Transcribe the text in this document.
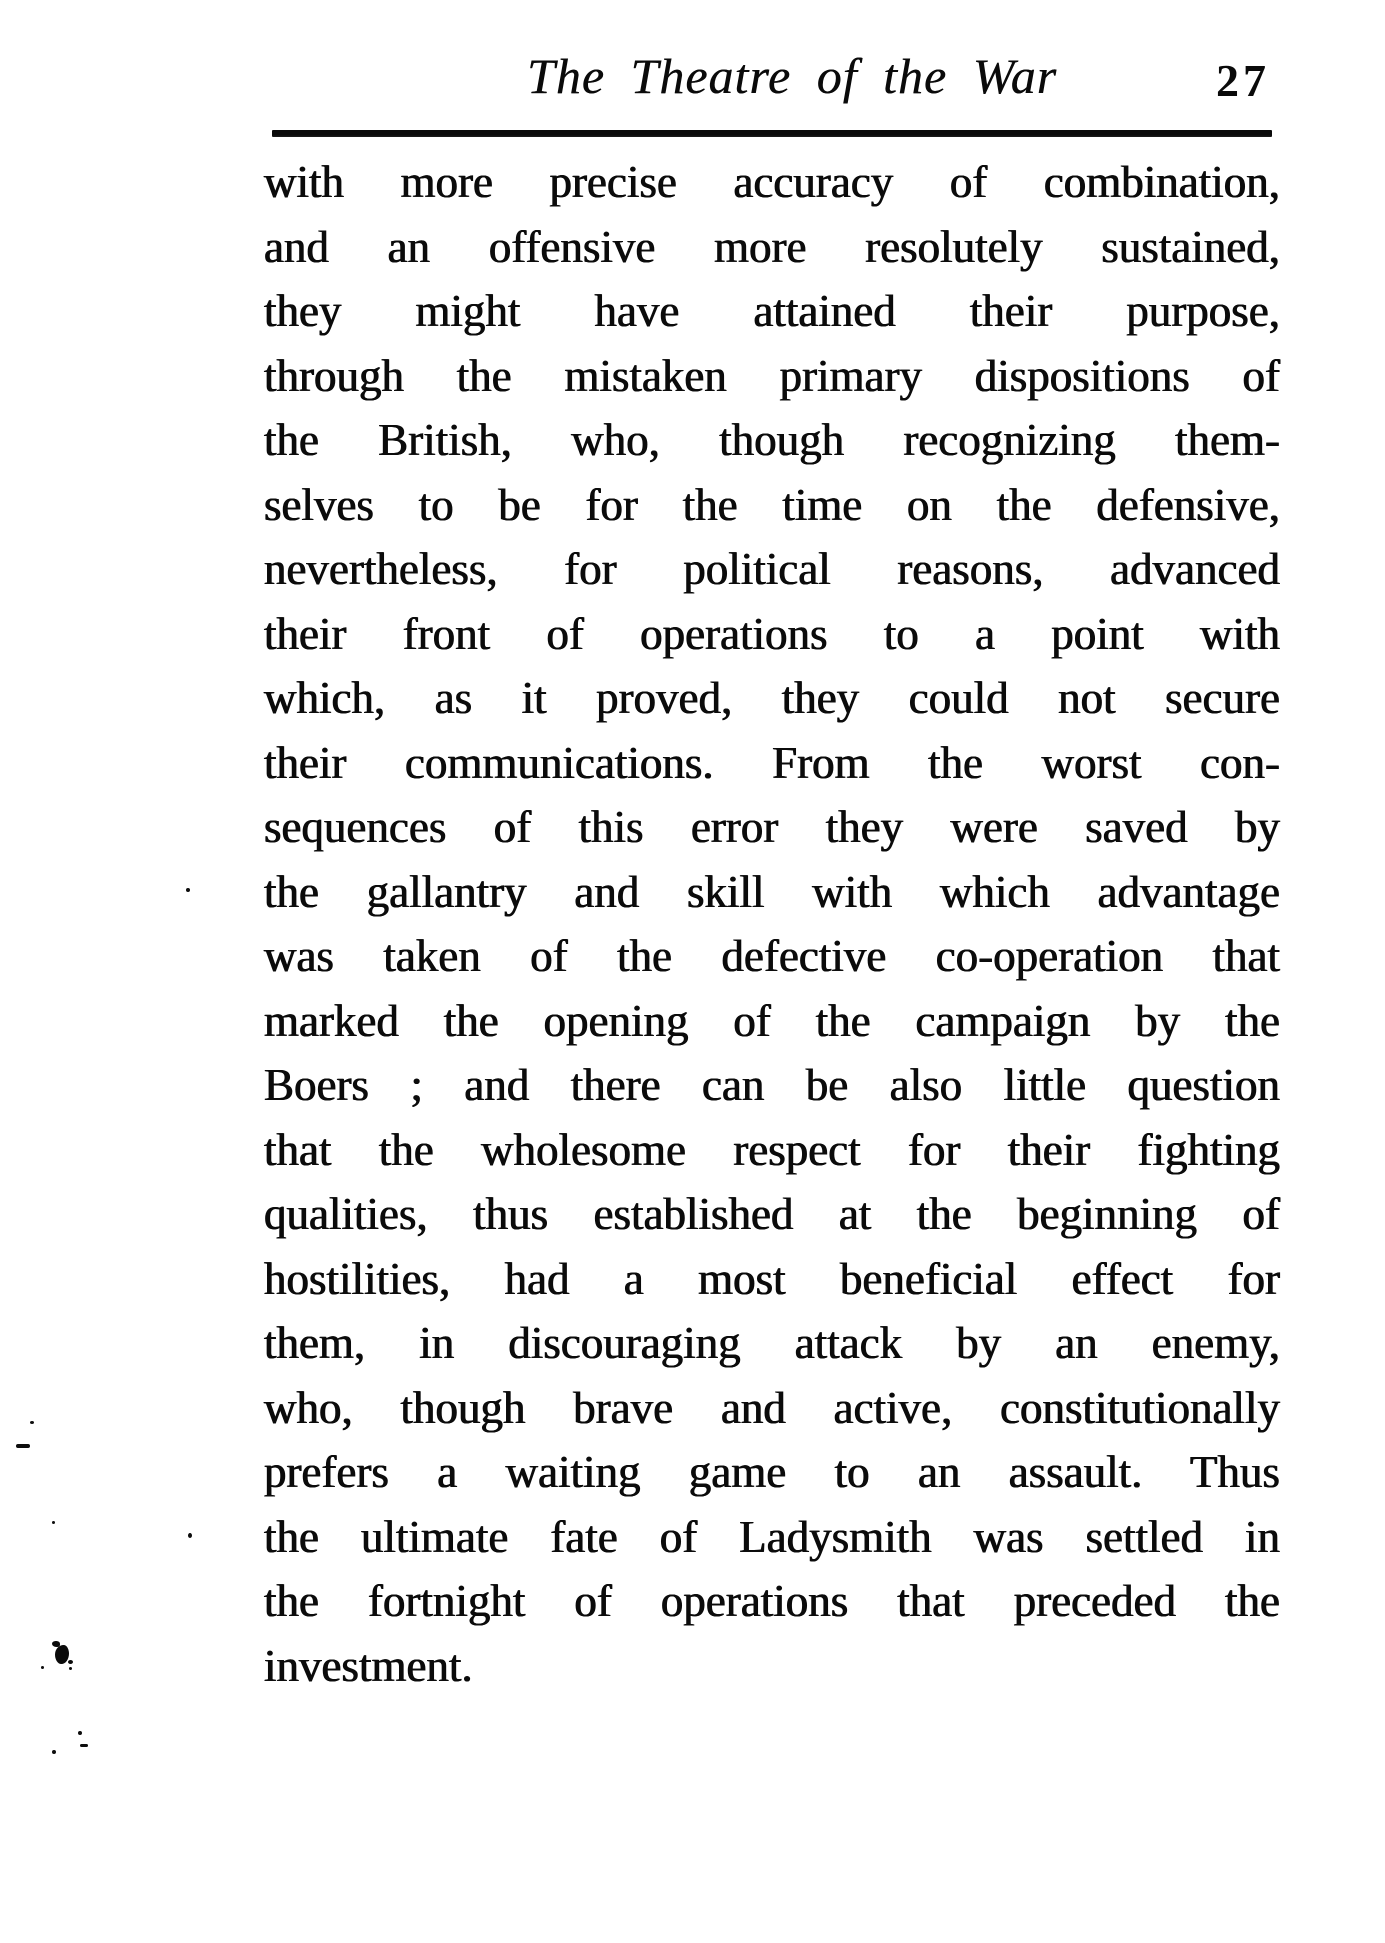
The Theatre of the War	27
with more precise accuracy of combination,
and an offensive more resolutely sustained,
they might have attained their purpose,
through the mistaken primary dispositions of
the British, who, though recognizing them-
selves to be for the time on the defensive,
nevertheless, for political reasons, advanced
their front of operations to a point with
which, as it proved, they could not secure
their communications. From the worst con-
sequences of this error they were saved by
the gallantry and skill with which advantage
was taken of the defective co-operation that
marked the opening of the campaign by the
Boers ; and there can be also little question
that the wholesome respect for their fighting
qualities, thus established at the beginning of
hostilities, had a most beneficial effect for
them, in discouraging attack by an enemy,
who, though brave and active, constitutionally
prefers a waiting game to an assault. Thus
the ultimate fate of Ladysmith was settled in
the fortnight of operations that preceded the
investment.
